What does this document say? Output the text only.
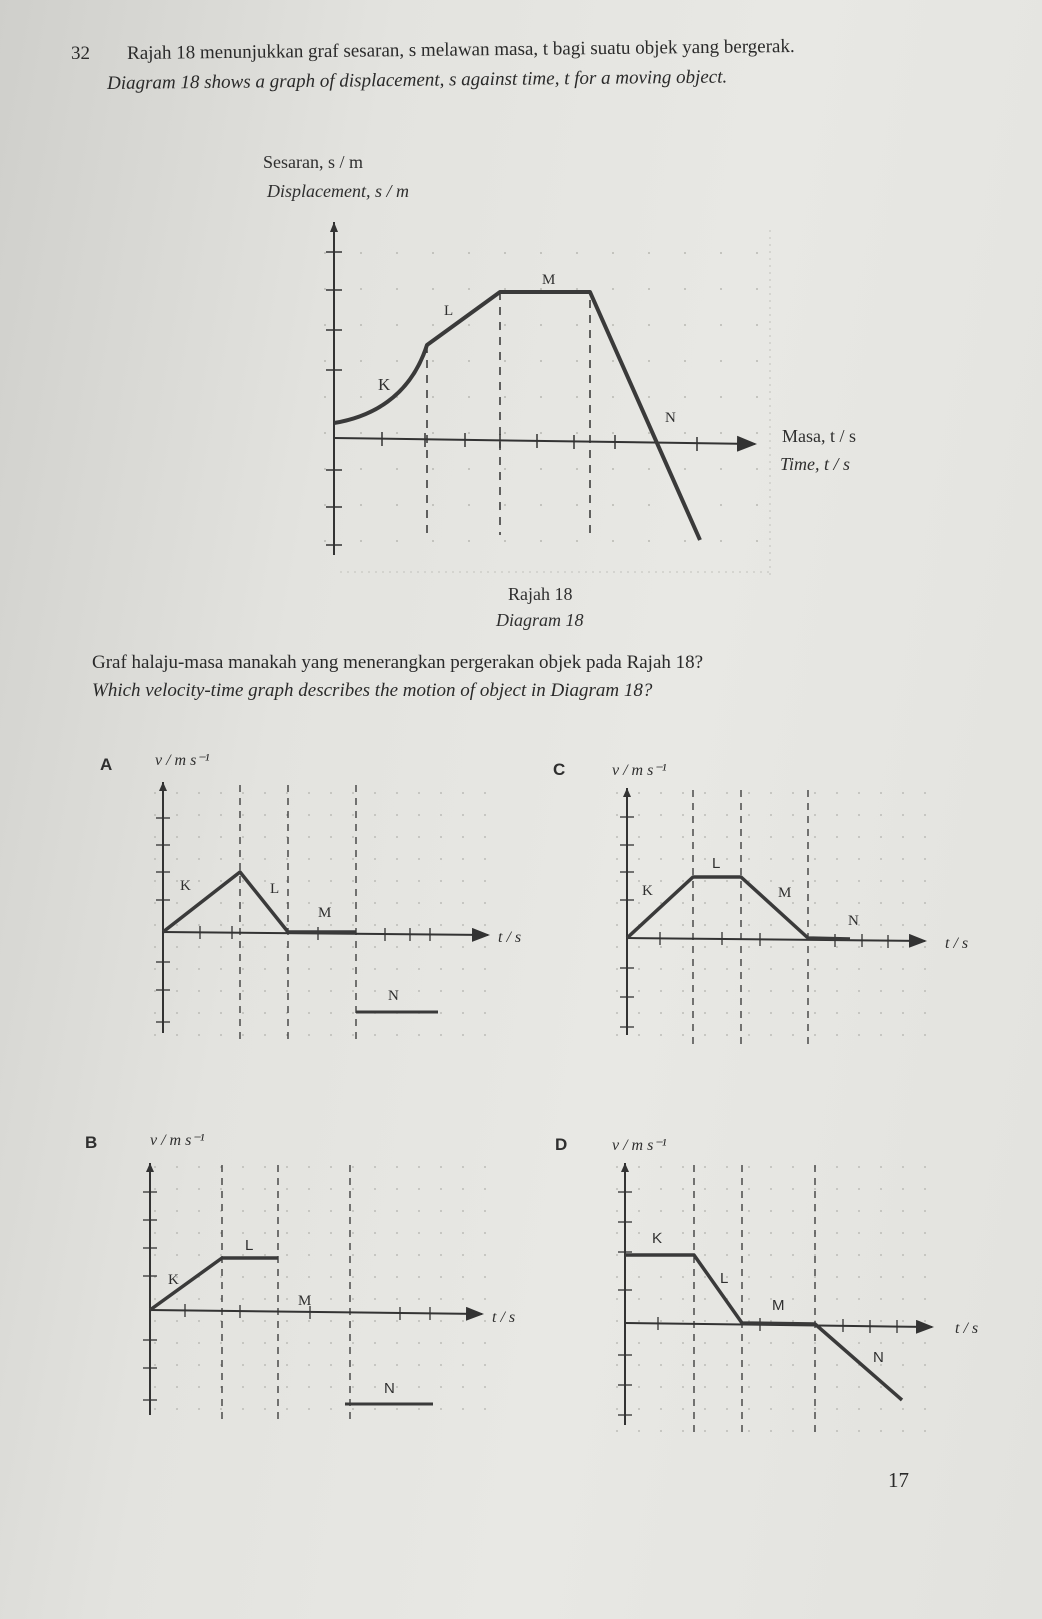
32 Rajah 18 menunjukkan graf sesaran, s melawan masa, t bagi suatu objek yang bergerak.
Diagram 18 shows a graph of displacement, s against time, t for a moving object.
K
L
M
N
Sesaran, s / m
Displacement, s / m
Masa, t / s
Time, t / s
Rajah 18
Diagram 18
Graf halaju-masa manakah yang menerangkan pergerakan objek pada Rajah 18?
Which velocity-time graph describes the motion of object in Diagram 18?
K	L
M
N
v / m s⁻¹
t / s
A
L
K	M
N
v / m s⁻¹
t / s
C
L
K
M
N
v / m s⁻¹
t / s
B
K
L
M
N
v / m s⁻¹
t / s
D
17
